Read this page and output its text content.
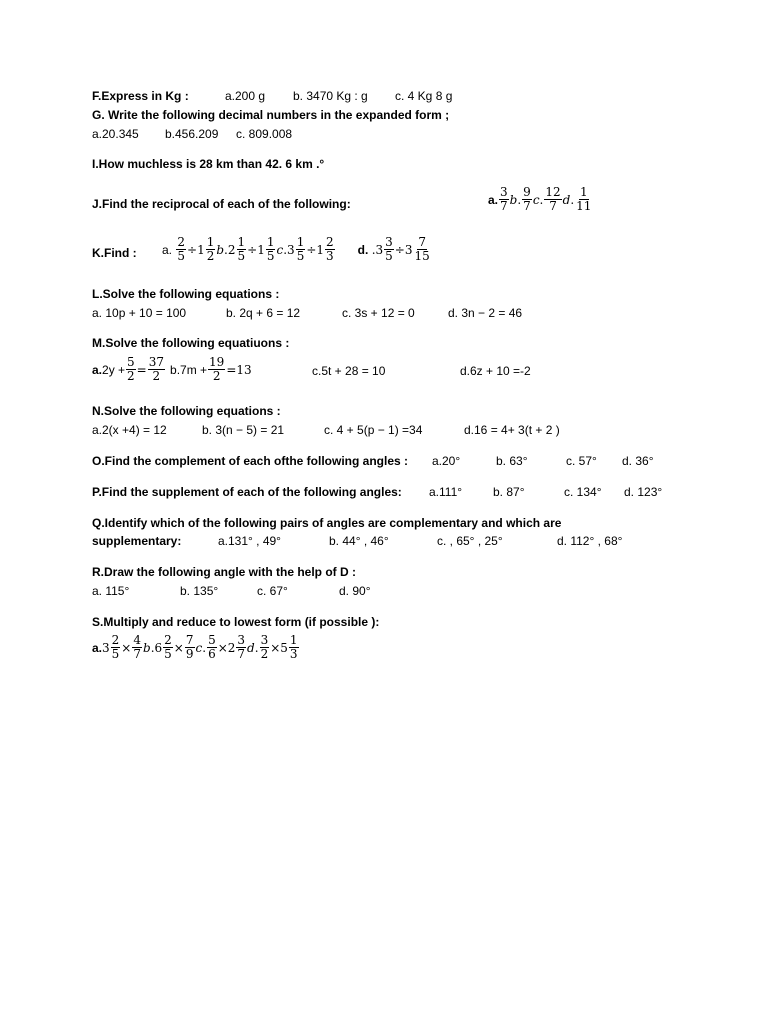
F.Express in Kg :	a.200 g b. 3470 Kg : g c. 4 Kg 8 g
G. Write the following decimal numbers in the expanded form ;
a.20.345 b.456.209 c. 809.008
I.How muchless is 28 km than 42. 6 km .°
J.Find the reciprocal of each of the following:	a.
3
7 b .
9
7 c .
12
7 d .
1
11
K.Find : a.
$\frac{2}{5} \div 1$
1
2 b . $2 \frac{1}{5} \div 1$
1
5 c . $3 \frac{1}{5} \div 1$
2
3 d.
. $3 \frac{3}{5} \div 3$
7
15
L.Solve the following equations :
a. 10p + 10 = 100	b. 2q + 6 = 12	c. 3s + 12 = 0	d. 3n − 2 = 46
M.Solve the following equatiuons :
a. $2y + \frac{5}{2} = \frac{37}{2} b.7m + \frac{19}{2} =13$	c.5t + 28 = 10	d.6z + 10 =-2
N.Solve the following equations :
a.2(x +4) = 12	b. 3(n − 5) = 21	c. 4 + 5(p − 1) =34	d.16 = 4+ 3(t + 2 )
O.Find the complement of each ofthe following angles : a.20°	b. 63°	c. 57° d. 36°
P.Find the supplement of each of the following angles: a.111°	b. 87°	c. 134° d. 123°
Q.Identify which of the following pairs of angles are complementary and which are
supplementary:	a.131° , 49°	b. 44° , 46°	c. , 65° , 25°	d. 112° , 68°
R.Draw the following angle with the help of D :
a. 115°	b. 135°	c. 67°	d. 90°
S.Multiply and reduce to lowest form (if possible ):
a. $3 \frac{2}{5} \times \frac{4}{7}$ b . $6 \frac{2}{5} \times \frac{7}{9}$ c . $\frac{5}{6} \times 2$
3
7 d . $\frac{3}{2} \times 5$
1
3
